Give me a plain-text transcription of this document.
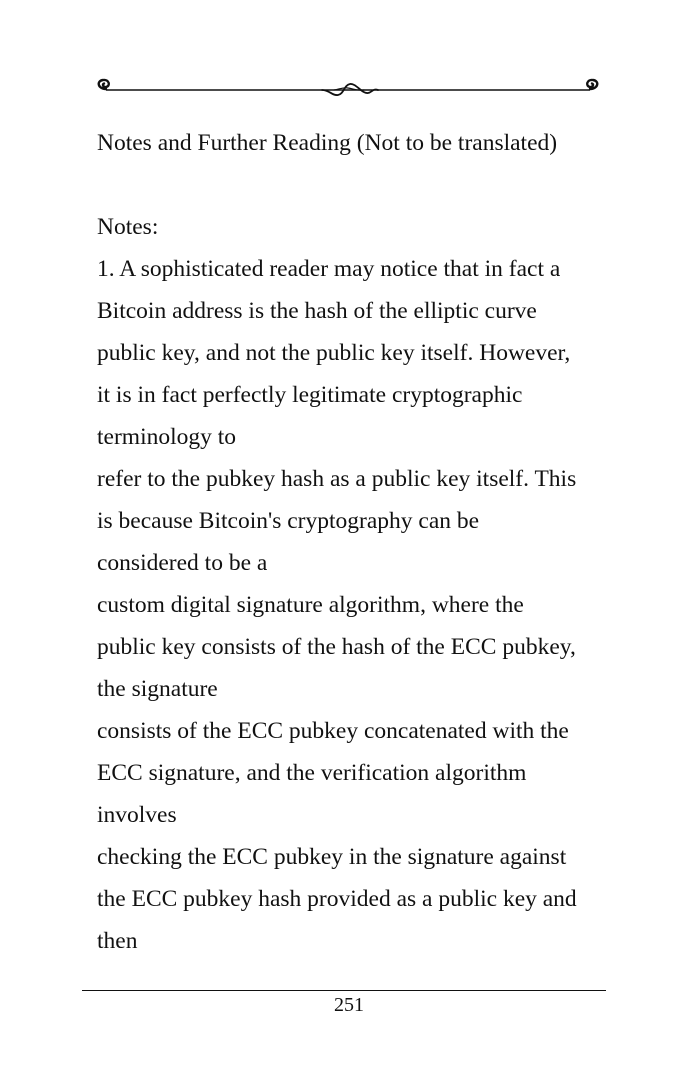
Notes and Further Reading (Not to be translated)
Notes:
1. A sophisticated reader may notice that in fact a
Bitcoin address is the hash of the elliptic curve
public key, and not the public key itself. However,
it is in fact perfectly legitimate cryptographic
terminology to
refer to the pubkey hash as a public key itself. This
is because Bitcoin's cryptography can be
considered to be a
custom digital signature algorithm, where the
public key consists of the hash of the ECC pubkey,
the signature
consists of the ECC pubkey concatenated with the
ECC signature, and the verification algorithm
involves
checking the ECC pubkey in the signature against
the ECC pubkey hash provided as a public key and
then
251
